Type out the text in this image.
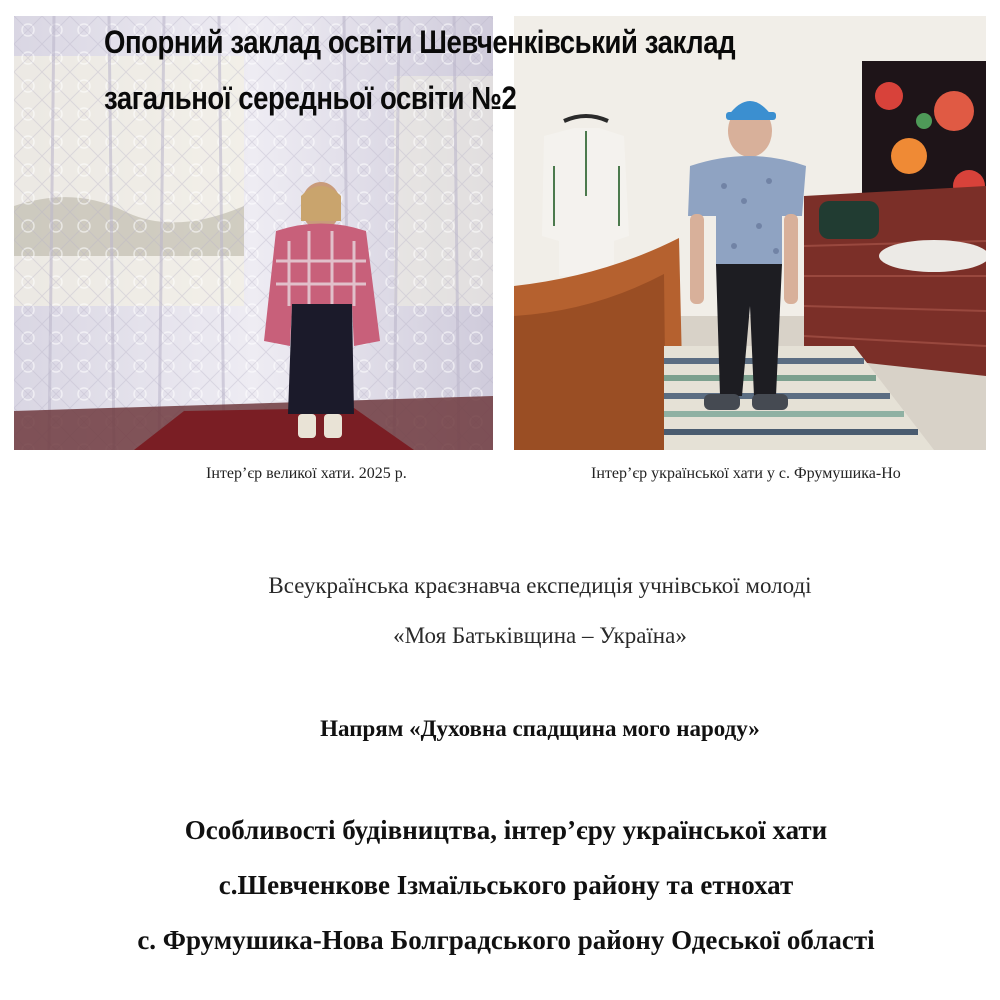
Опорний заклад освіти Шевченківський заклад
загальної середньої освіти №2
Інтер’єр великої хати. 2025 р.	Інтер’єр української хати у с. Фрумушика-Но
Всеукраїнська краєзнавча експедиція учнівської молоді
«Моя Батьківщина – Україна»
Напрям «Духовна спадщина мого народу»
Особливості будівництва, інтер’єру української хати
с.Шевченкове Ізмаїльського району та етнохат
с. Фрумушика-Нова Болградського району Одеської області
